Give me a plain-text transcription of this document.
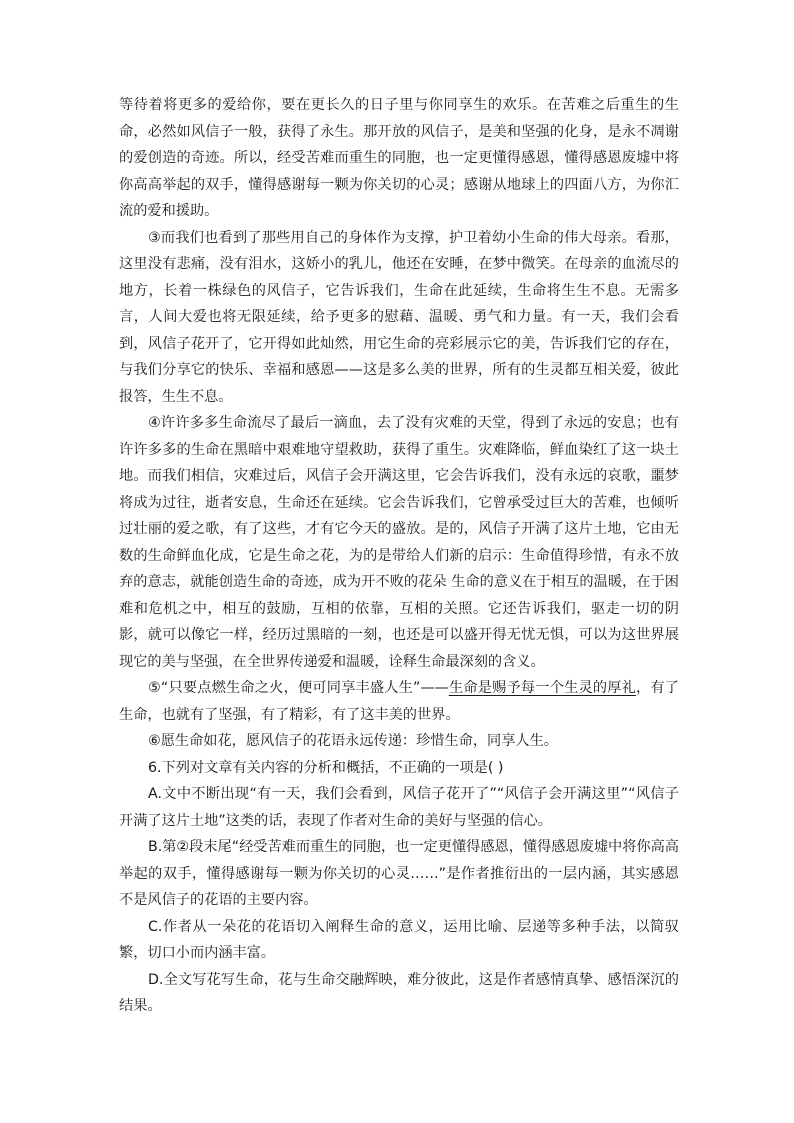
等待着将更多的爱给你，要在更长久的日子里与你同享生的欢乐。在苦难之后重生的生命，必然如风信子一般，获得了永生。那开放的风信子，是美和坚强的化身，是永不凋谢的爱创造的奇迹。所以，经受苦难而重生的同胞，也一定更懂得感恩，懂得感恩废墟中将你高高举起的双手，懂得感谢每一颗为你关切的心灵；感谢从地球上的四面八方，为你汇流的爱和援助。

③而我们也看到了那些用自己的身体作为支撑，护卫着幼小生命的伟大母亲。看那，这里没有悲痛，没有泪水，这娇小的乳儿，他还在安睡，在梦中微笑。在母亲的血流尽的地方，长着一株绿色的风信子，它告诉我们，生命在此延续，生命将生生不息。无需多言，人间大爱也将无限延续，给予更多的慰藉、温暖、勇气和力量。有一天，我们会看到，风信子花开了，它开得如此灿然，用它生命的亮彩展示它的美，告诉我们它的存在，与我们分享它的快乐、幸福和感恩——这是多么美的世界，所有的生灵都互相关爱，彼此报答，生生不息。

④许许多多生命流尽了最后一滴血，去了没有灾难的天堂，得到了永远的安息；也有许许多多的生命在黑暗中艰难地守望救助，获得了重生。灾难降临，鲜血染红了这一块土地。而我们相信，灾难过后，风信子会开满这里，它会告诉我们，没有永远的哀歌，噩梦将成为过往，逝者安息，生命还在延续。它会告诉我们，它曾承受过巨大的苦难，也倾听过壮丽的爱之歌，有了这些，才有它今天的盛放。是的，风信子开满了这片土地，它由无数的生命鲜血化成，它是生命之花，为的是带给人们新的启示：生命值得珍惜，有永不放弃的意志，就能创造生命的奇迹，成为开不败的花朵 生命的意义在于相互的温暖，在于困难和危机之中，相互的鼓励，互相的依靠，互相的关照。它还告诉我们，驱走一切的阴影，就可以像它一样，经历过黑暗的一刻，也还是可以盛开得无忧无惧，可以为这世界展现它的美与坚强，在全世界传递爱和温暖，诠释生命最深刻的含义。

⑤“只要点燃生命之火，便可同享丰盛人生”——生命是赐予每一个生灵的厚礼，有了生命，也就有了坚强，有了精彩，有了这丰美的世界。

⑥愿生命如花，愿风信子的花语永远传递：珍惜生命，同享人生。

6.下列对文章有关内容的分析和概括，不正确的一项是( )

A.文中不断出现“有一天，我们会看到，风信子花开了”“风信子会开满这里”“风信子开满了这片土地”这类的话，表现了作者对生命的美好与坚强的信心。

B.第②段末尾“经受苦难而重生的同胞，也一定更懂得感恩，懂得感恩废墟中将你高高举起的双手，懂得感谢每一颗为你关切的心灵……”是作者推衍出的一层内涵，其实感恩不是风信子的花语的主要内容。

C.作者从一朵花的花语切入阐释生命的意义，运用比喻、层递等多种手法，以简驭繁，切口小而内涵丰富。

D.全文写花写生命，花与生命交融辉映，难分彼此，这是作者感情真挚、感悟深沉的结果。
